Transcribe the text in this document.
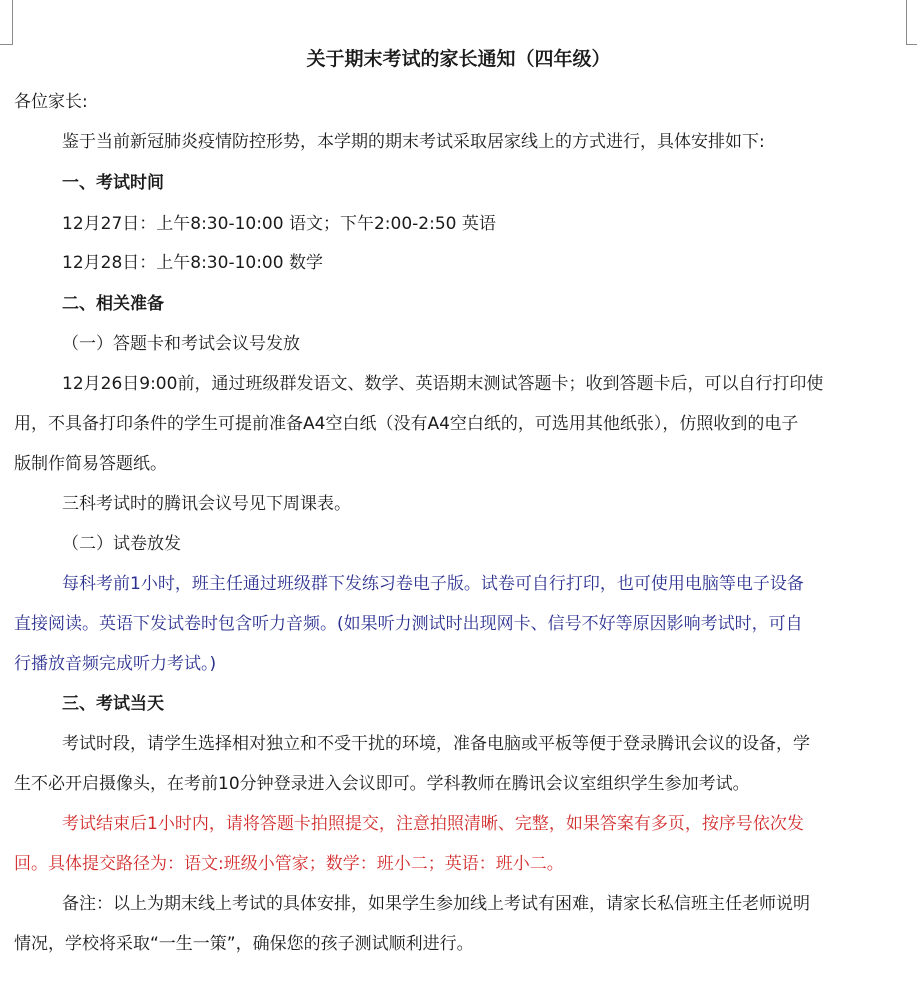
关于期末考试的家长通知（四年级）
各位家长:
鉴于当前新冠肺炎疫情防控形势，本学期的期末考试采取居家线上的方式进行，具体安排如下:
一、考试时间
12月27日：上午8:30-10:00 语文；下午2:00-2:50 英语
12月28日：上午8:30-10:00 数学
二、相关准备
（一）答题卡和考试会议号发放
12月26日9:00前，通过班级群发语文、数学、英语期末测试答题卡；收到答题卡后，可以自行打印使
用，不具备打印条件的学生可提前准备A4空白纸（没有A4空白纸的，可选用其他纸张），仿照收到的电子
版制作简易答题纸。
三科考试时的腾讯会议号见下周课表。
（二）试卷放发
每科考前1小时，班主任通过班级群下发练习卷电子版。试卷可自行打印，也可使用电脑等电子设备
直接阅读。英语下发试卷时包含听力音频。(如果听力测试时出现网卡、信号不好等原因影响考试时，可自
行播放音频完成听力考试。)
三、考试当天
考试时段，请学生选择相对独立和不受干扰的环境，准备电脑或平板等便于登录腾讯会议的设备，学
生不必开启摄像头，在考前10分钟登录进入会议即可。学科教师在腾讯会议室组织学生参加考试。
考试结束后1小时内，请将答题卡拍照提交，注意拍照清晰、完整，如果答案有多页，按序号依次发
回。具体提交路径为：语文:班级小管家；数学：班小二；英语：班小二。
备注：以上为期末线上考试的具体安排，如果学生参加线上考试有困难，请家长私信班主任老师说明
情况，学校将采取“一生一策”，确保您的孩子测试顺利进行。
